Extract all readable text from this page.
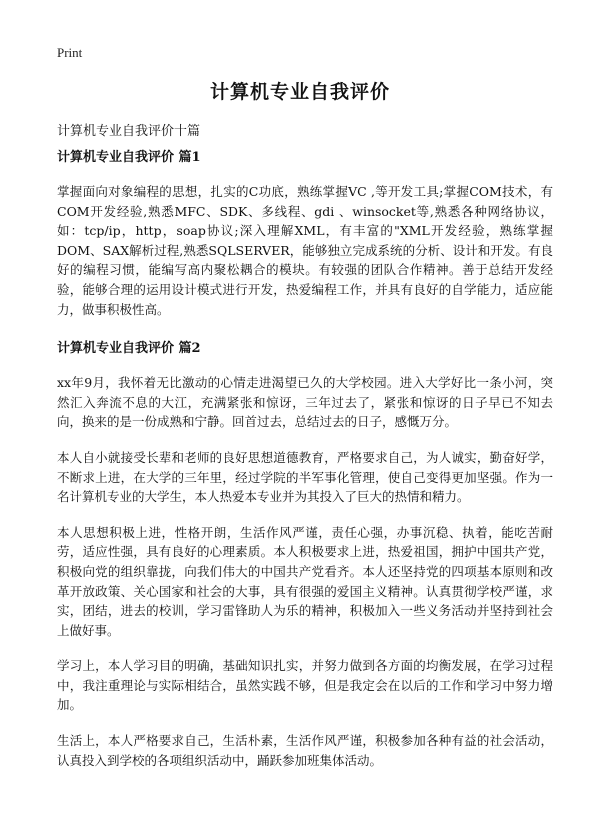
Print
计算机专业自我评价
计算机专业自我评价十篇
计算机专业自我评价 篇1

掌握面向对象编程的思想，扎实的C功底，熟练掌握VC ,等开发工具;掌握COM技术，有COM开发经验,熟悉MFC、SDK、多线程、gdi 、winsocket等,熟悉各种网络协议，如：tcp/ip，http，soap协议;深入理解XML，有丰富的"XML开发经验，熟练掌握DOM、SAX解析过程,熟悉SQLSERVER，能够独立完成系统的分析、设计和开发。有良好的编程习惯，能编写高内聚松耦合的模块。有较强的团队合作精神。善于总结开发经验，能够合理的运用设计模式进行开发，热爱编程工作，并具有良好的自学能力，适应能力，做事积极性高。

计算机专业自我评价 篇2

xx年9月，我怀着无比激动的心情走进渴望已久的大学校园。进入大学好比一条小河，突然汇入奔流不息的大江，充满紧张和惊讶，三年过去了，紧张和惊讶的日子早已不知去向，换来的是一份成熟和宁静。回首过去，总结过去的日子，感慨万分。

本人自小就接受长辈和老师的良好思想道德教育，严格要求自己，为人诚实，勤奋好学，不断求上进，在大学的三年里，经过学院的半军事化管理，使自己变得更加坚强。作为一名计算机专业的大学生，本人热爱本专业并为其投入了巨大的热情和精力。

本人思想积极上进，性格开朗，生活作风严谨，责任心强，办事沉稳、执着，能吃苦耐劳，适应性强，具有良好的心理素质。本人积极要求上进，热爱祖国，拥护中国共产党，积极向党的组织靠拢，向我们伟大的中国共产党看齐。本人还坚持党的四项基本原则和改革开放政策、关心国家和社会的大事，具有很强的爱国主义精神。认真贯彻学校严谨，求实，团结，进去的校训，学习雷锋助人为乐的精神，积极加入一些义务活动并坚持到社会上做好事。

学习上，本人学习目的明确，基础知识扎实，并努力做到各方面的均衡发展，在学习过程中，我注重理论与实际相结合，虽然实践不够，但是我定会在以后的工作和学习中努力增加。

生活上，本人严格要求自己，生活朴素，生活作风严谨，积极参加各种有益的社会活动，认真投入到学校的各项组织活动中，踊跃参加班集体活动。
